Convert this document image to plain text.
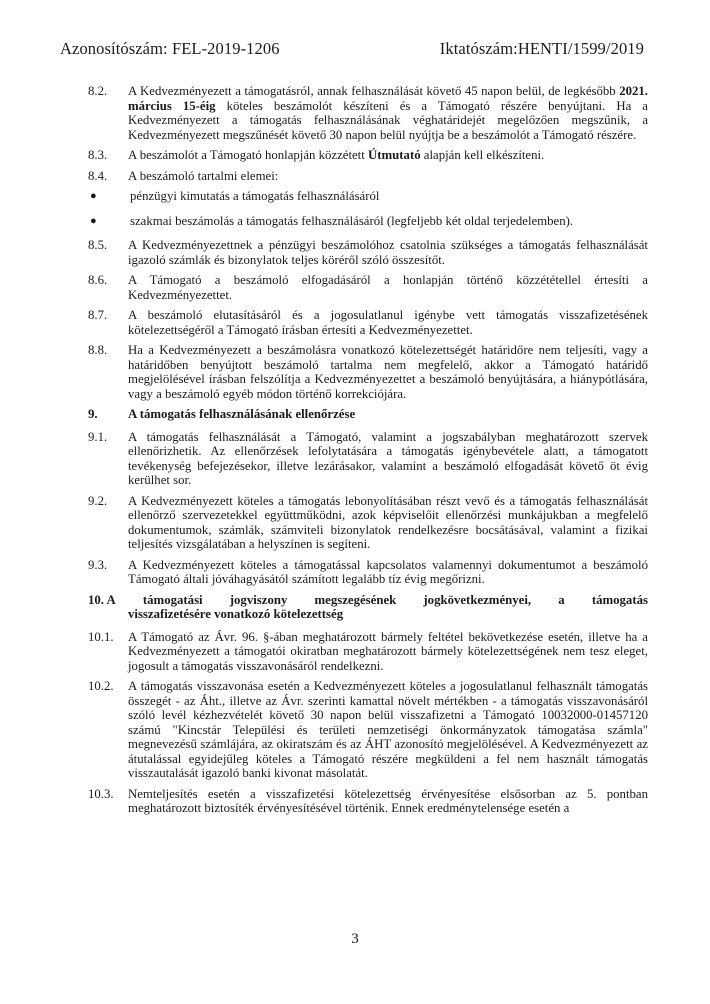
Azonosítószám: FEL-2019-1206	Iktatószám:HENTI/1599/2019
8.2.	A Kedvezményezett a támogatásról, annak felhasználását követő 45 napon belül, de legkésőbb 2021. március 15-éig köteles beszámolót készíteni és a Támogató részére benyújtani. Ha a Kedvezményezett a támogatás felhasználásának véghatáridejét megelőzően megszűnik, a Kedvezményezett megszűnését követő 30 napon belül nyújtja be a beszámolót a Támogató részére.
8.3.	A beszámolót a Támogató honlapján közzétett Útmutató alapján kell elkészíteni.
8.4.	A beszámoló tartalmi elemei:
●	pénzügyi kimutatás a támogatás felhasználásáról
●	szakmai beszámolás a támogatás felhasználásáról (legfeljebb két oldal terjedelemben).
8.5.	A Kedvezményezettnek a pénzügyi beszámolóhoz csatolnia szükséges a támogatás felhasználását igazoló számlák és bizonylatok teljes köréről szóló összesítőt.
8.6.	A Támogató a beszámoló elfogadásáról a honlapján történő közzététellel értesíti a Kedvezményezettet.
8.7.	A beszámoló elutasításáról és a jogosulatlanul igénybe vett támogatás visszafizetésének kötelezettségéről a Támogató írásban értesíti a Kedvezményezettet.
8.8.	Ha a Kedvezményezett a beszámolásra vonatkozó kötelezettségét határidőre nem teljesíti, vagy a határidőben benyújtott beszámoló tartalma nem megfelelő, akkor a Támogató határidő megjelölésével írásban felszólítja a Kedvezményezettet a beszámoló benyújtására, a hiánypótlására, vagy a beszámoló egyéb módon történő korrekciójára.
9.	A támogatás felhasználásának ellenőrzése
9.1.	A támogatás felhasználását a Támogató, valamint a jogszabályban meghatározott szervek ellenőrizhetik. Az ellenőrzések lefolytatására a támogatás igénybevétele alatt, a támogatott tevékenység befejezésekor, illetve lezárásakor, valamint a beszámoló elfogadását követő öt évig kerülhet sor.
9.2.	A Kedvezményezett köteles a támogatás lebonyolításában részt vevő és a támogatás felhasználását ellenőrző szervezetekkel együttműködni, azok képviselőit ellenőrzési munkájukban a megfelelő dokumentumok, számlák, számviteli bizonylatok rendelkezésre bocsátásával, valamint a fizikai teljesítés vizsgálatában a helyszínen is segíteni.
9.3.	A Kedvezményezett köteles a támogatással kapcsolatos valamennyi dokumentumot a beszámoló Támogató általi jóváhagyásától számított legalább tíz évig megőrizni.
10. A támogatási jogviszony megszegésének jogkövetkezményei, a támogatás
visszafizetésére vonatkozó kötelezettség
10.1.	A Támogató az Ávr. 96. §-ában meghatározott bármely feltétel bekövetkezése esetén, illetve ha a Kedvezményezett a támogatói okiratban meghatározott bármely kötelezettségének nem tesz eleget, jogosult a támogatás visszavonásáról rendelkezni.
10.2.	A támogatás visszavonása esetén a Kedvezményezett köteles a jogosulatlanul felhasznált támogatás összegét - az Áht., illetve az Ávr. szerinti kamattal növelt mértékben - a támogatás visszavonásáról szóló levél kézhezvételét követő 30 napon belül visszafizetni a Támogató 10032000-01457120 számú "Kincstár Települési és területi nemzetiségi önkormányzatok támogatása számla" megnevezésű számlájára, az okiratszám és az ÁHT azonosító megjelölésével. A Kedvezményezett az átutalással egyidejűleg köteles a Támogató részére megküldeni a fel nem használt támogatás visszautalását igazoló banki kivonat másolatát.
10.3.	Nemteljesítés esetén a visszafizetési kötelezettség érvényesítése elsősorban az 5. pontban meghatározott biztosíték érvényesítésével történik. Ennek eredménytelensége esetén a
3
